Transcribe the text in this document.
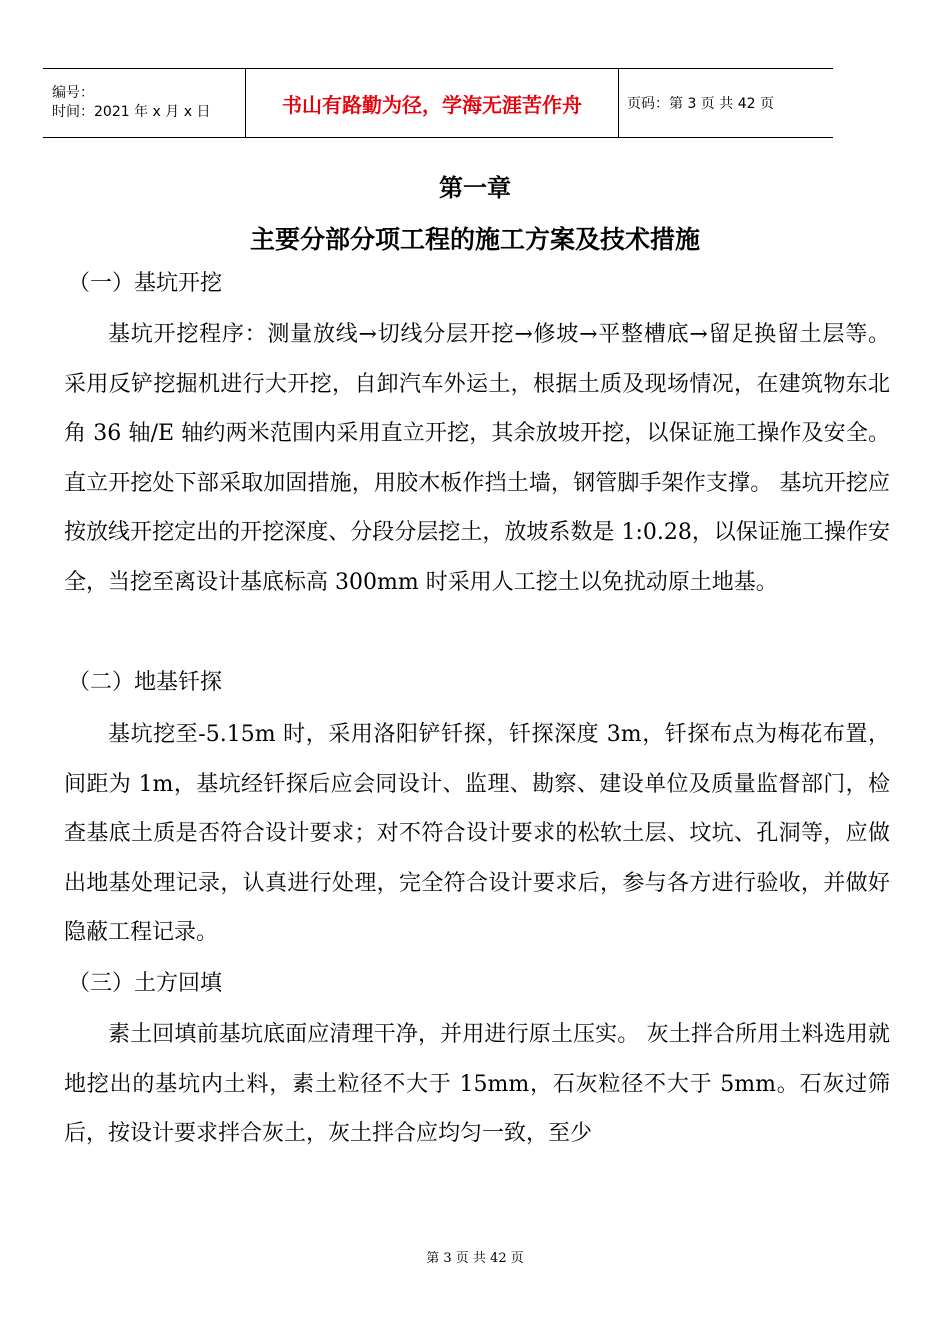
编号：
时间：2021 年 x 月 x 日	书山有路勤为径，学海无涯苦作舟	页码：第 3 页 共 42 页
第一章
主要分部分项工程的施工方案及技术措施
（一）基坑开挖

基坑开挖程序：测量放线→切线分层开挖→修坡→平整槽底→留足换留土层等。 采用反铲挖掘机进行大开挖，自卸汽车外运土，根据土质及现场情况，在建筑物东北角 36 轴/E 轴约两米范围内采用直立开挖，其余放坡开挖，以保证施工操作及安全。直立开挖处下部采取加固措施，用胶木板作挡土墙，钢管脚手架作支撑。 基坑开挖应按放线开挖定出的开挖深度、分段分层挖土，放坡系数是 1:0.28，以保证施工操作安全，当挖至离设计基底标高 300mm 时采用人工挖土以免扰动原土地基。

（二）地基钎探

基坑挖至-5.15m 时，采用洛阳铲钎探，钎探深度 3m，钎探布点为梅花布置，间距为 1m，基坑经钎探后应会同设计、监理、勘察、建设单位及质量监督部门，检查基底土质是否符合设计要求；对不符合设计要求的松软土层、坟坑、孔洞等，应做出地基处理记录，认真进行处理，完全符合设计要求后，参与各方进行验收，并做好隐蔽工程记录。

（三）土方回填

素土回填前基坑底面应清理干净，并用进行原土压实。 灰土拌合所用土料选用就地挖出的基坑内土料，素土粒径不大于 15mm，石灰粒径不大于 5mm。石灰过筛后，按设计要求拌合灰土，灰土拌合应均匀一致，至少

第 3 页 共 42 页
